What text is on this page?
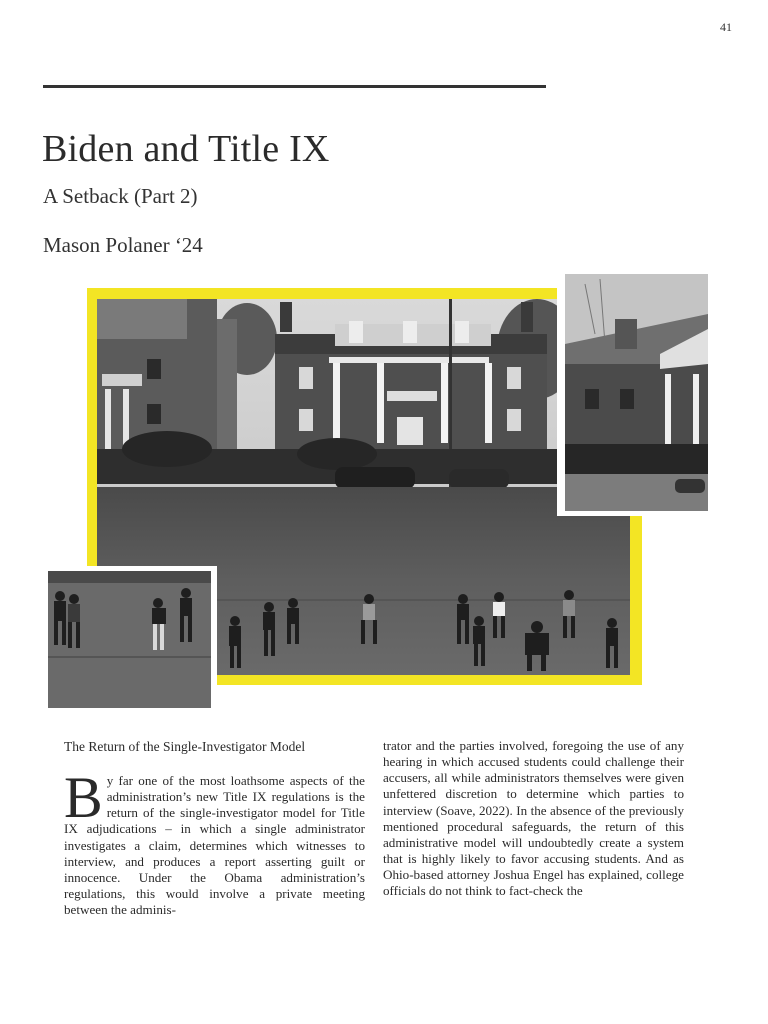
41
Biden and Title IX
A Setback (Part 2)
Mason Polaner ‘24
The Return of the Single-Investigator Model

By far one of the most loathsome aspects of the administration’s new Title IX regulations is the return of the single-investigator model for Title IX adjudications – in which a single administrator investigates a claim, determines which witnesses to interview, and produces a report asserting guilt or innocence. Under the Obama administration’s regulations, this would involve a private meeting between the adminis-

trator and the parties involved, foregoing the use of any hearing in which accused students could challenge their accusers, all while administrators themselves were given unfettered discretion to determine which parties to interview (Soave, 2022). In the absence of the previously mentioned procedural safeguards, the return of this administrative model will undoubtedly create a system that is highly likely to favor accusing students. And as Ohio-based attorney Joshua Engel has explained, college officials do not think to fact-check the
